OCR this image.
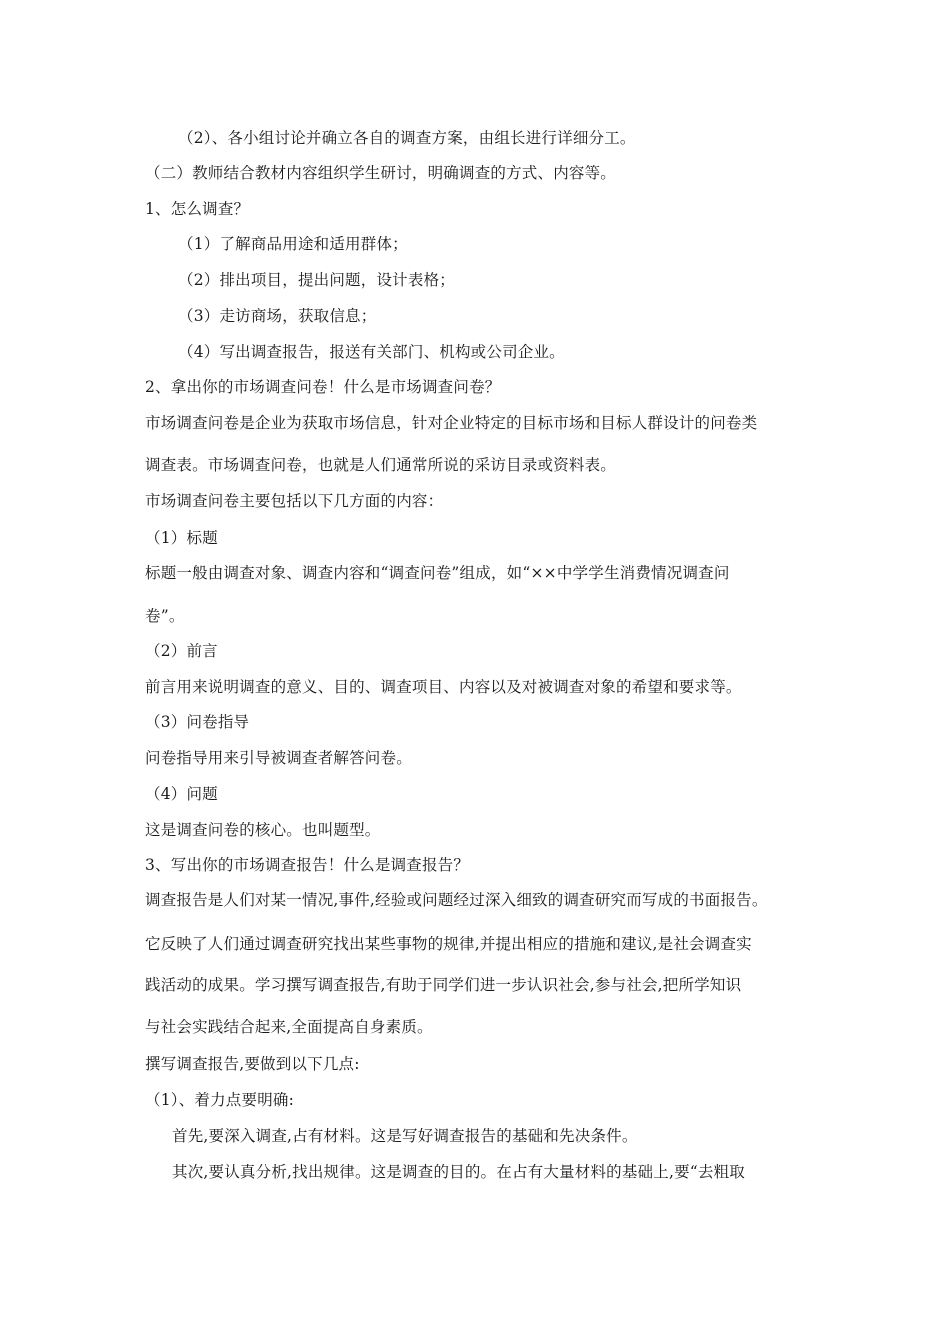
（2）、各小组讨论并确立各自的调查方案，由组长进行详细分工。
（二）教师结合教材内容组织学生研讨，明确调查的方式、内容等。
1、怎么调查？
（1）了解商品用途和适用群体；
（2）排出项目，提出问题，设计表格；
（3）走访商场，获取信息；
（4）写出调查报告，报送有关部门、机构或公司企业。
2、拿出你的市场调查问卷！什么是市场调查问卷？
市场调查问卷是企业为获取市场信息，针对企业特定的目标市场和目标人群设计的问卷类
调查表。市场调查问卷，也就是人们通常所说的采访目录或资料表。
市场调查问卷主要包括以下几方面的内容：
（1）标题
标题一般由调查对象、调查内容和“调查问卷”组成，如“××中学学生消费情况调查问
卷”。
（2）前言
前言用来说明调查的意义、目的、调查项目、内容以及对被调查对象的希望和要求等。
（3）问卷指导
问卷指导用来引导被调查者解答问卷。
（4）问题
这是调查问卷的核心。也叫题型。
3、写出你的市场调查报告！什么是调查报告？
调查报告是人们对某一情况,事件,经验或问题经过深入细致的调查研究而写成的书面报告。
它反映了人们通过调查研究找出某些事物的规律,并提出相应的措施和建议,是社会调查实
践活动的成果。学习撰写调查报告,有助于同学们进一步认识社会,参与社会,把所学知识
与社会实践结合起来,全面提高自身素质。
撰写调查报告,要做到以下几点:
（1）、着力点要明确:
首先,要深入调查,占有材料。这是写好调查报告的基础和先决条件。
其次,要认真分析,找出规律。这是调查的目的。在占有大量材料的基础上,要“去粗取
